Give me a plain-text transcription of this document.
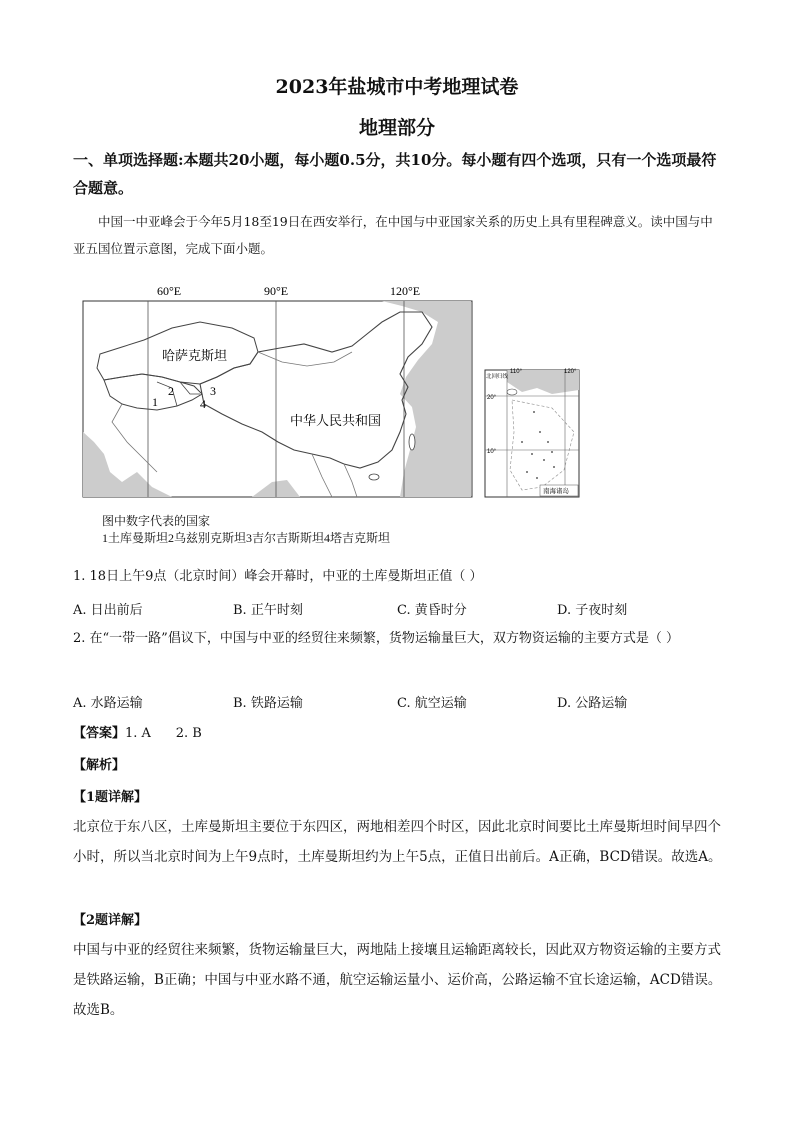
2023年盐城市中考地理试卷
地理部分
一、单项选择题:本题共20小题，每小题0.5分，共10分。每小题有四个选项，只有一个选项最符合题意。
中国一中亚峰会于今年5月18至19日在西安举行，在中国与中亚国家关系的历史上具有里程碑意义。读中国与中亚五国位置示意图，完成下面小题。
60°E	90°E	120°E
哈萨克斯坦
中华人民共和国
1
2	3
4
110°	120°
20°
10°
北回归线
南海诸岛
图中数字代表的国家
1土库曼斯坦2乌兹别克斯坦3吉尔吉斯斯坦4塔吉克斯坦
1. 18日上午9点（北京时间）峰会开幕时，中亚的土库曼斯坦正值（ ）
A. 日出前后	B. 正午时刻	C. 黄昏时分	D. 子夜时刻
2. 在“一带一路”倡议下，中国与中亚的经贸往来频繁，货物运输量巨大，双方物资运输的主要方式是（ ）
A. 水路运输	B. 铁路运输	C. 航空运输	D. 公路运输
【答案】1. A      2. B
【解析】
【1题详解】
北京位于东八区，土库曼斯坦主要位于东四区，两地相差四个时区，因此北京时间要比土库曼斯坦时间早四个小时，所以当北京时间为上午9点时，土库曼斯坦约为上午5点，正值日出前后。A正确，BCD错误。故选A。
【2题详解】
中国与中亚的经贸往来频繁，货物运输量巨大，两地陆上接壤且运输距离较长，因此双方物资运输的主要方式是铁路运输，B正确；中国与中亚水路不通，航空运输运量小、运价高，公路运输不宜长途运输，ACD错误。故选B。
